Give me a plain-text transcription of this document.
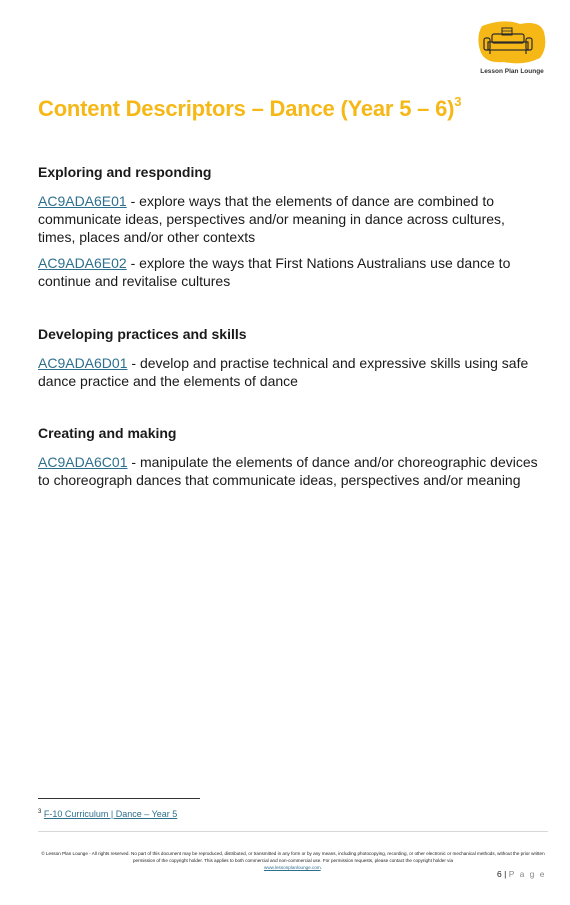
Lesson Plan Lounge
Content Descriptors – Dance (Year 5 – 6)$^3$
Exploring and responding

AC9ADA6E01 - explore ways that the elements of dance are combined to communicate ideas, perspectives and/or meaning in dance across cultures, times, places and/or other contexts

AC9ADA6E02 - explore the ways that First Nations Australians use dance to continue and revitalise cultures

Developing practices and skills

AC9ADA6D01 - develop and practise technical and expressive skills using safe dance practice and the elements of dance

Creating and making

AC9ADA6C01 - manipulate the elements of dance and/or choreographic devices to choreograph dances that communicate ideas, perspectives and/or meaning

$^3$ F-10 Curriculum | Dance – Year 5
© Lesson Plan Lounge - All rights reserved. No part of this document may be reproduced, distributed, or transmitted in any form or by any means, including photocopying, recording, or other electronic or mechanical methods, without the prior written permission of the copyright holder. This applies to both commercial and non-commercial use. For permission requests, please contact the copyright holder via
www.lessonplanlounge.com.
6 | P a g e
